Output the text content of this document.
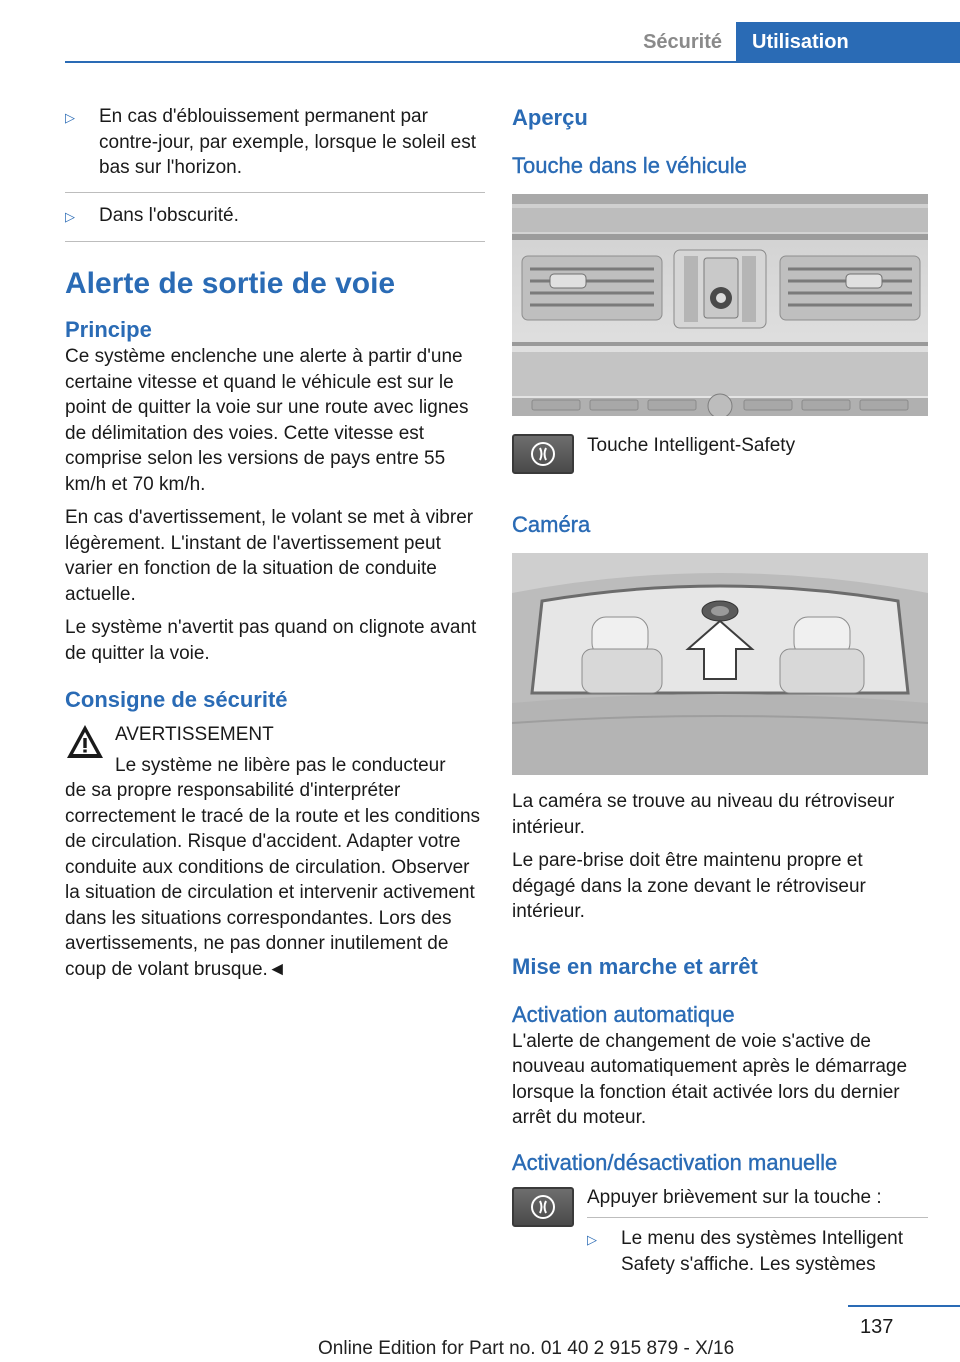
Sécurité	Utilisation
▷	En cas d'éblouissement permanent par contre-jour, par exemple, lorsque le soleil est bas sur l'horizon.
▷	Dans l'obscurité.
Alerte de sortie de voie
Principe
Ce système enclenche une alerte à partir d'une certaine vitesse et quand le véhicule est sur le point de quitter la voie sur une route avec lignes de délimitation des voies. Cette vitesse est comprise selon les versions de pays entre 55 km/h et 70 km/h.
En cas d'avertissement, le volant se met à vibrer légèrement. L'instant de l'avertissement peut varier en fonction de la situation de conduite actuelle.
Le système n'avertit pas quand on clignote avant de quitter la voie.
Consigne de sécurité
AVERTISSEMENT
Le système ne libère pas le conducteur
de sa propre responsabilité d'interpréter correctement le tracé de la route et les conditions de circulation. Risque d'accident. Adapter votre conduite aux conditions de circulation. Observer la situation de circulation et intervenir activement dans les situations correspondantes. Lors des avertissements, ne pas donner inutilement de coup de volant brusque.◄
Aperçu
Touche dans le véhicule
Touche Intelligent-Safety
Caméra
La caméra se trouve au niveau du rétroviseur intérieur.
Le pare-brise doit être maintenu propre et dégagé dans la zone devant le rétroviseur intérieur.
Mise en marche et arrêt
Activation automatique
L'alerte de changement de voie s'active de nouveau automatiquement après le démarrage lorsque la fonction était activée lors du dernier arrêt du moteur.
Activation/désactivation manuelle
Appuyer brièvement sur la touche :
▷	Le menu des systèmes Intelligent Safety s'affiche. Les systèmes
137
Online Edition for Part no. 01 40 2 915 879 - X/16
